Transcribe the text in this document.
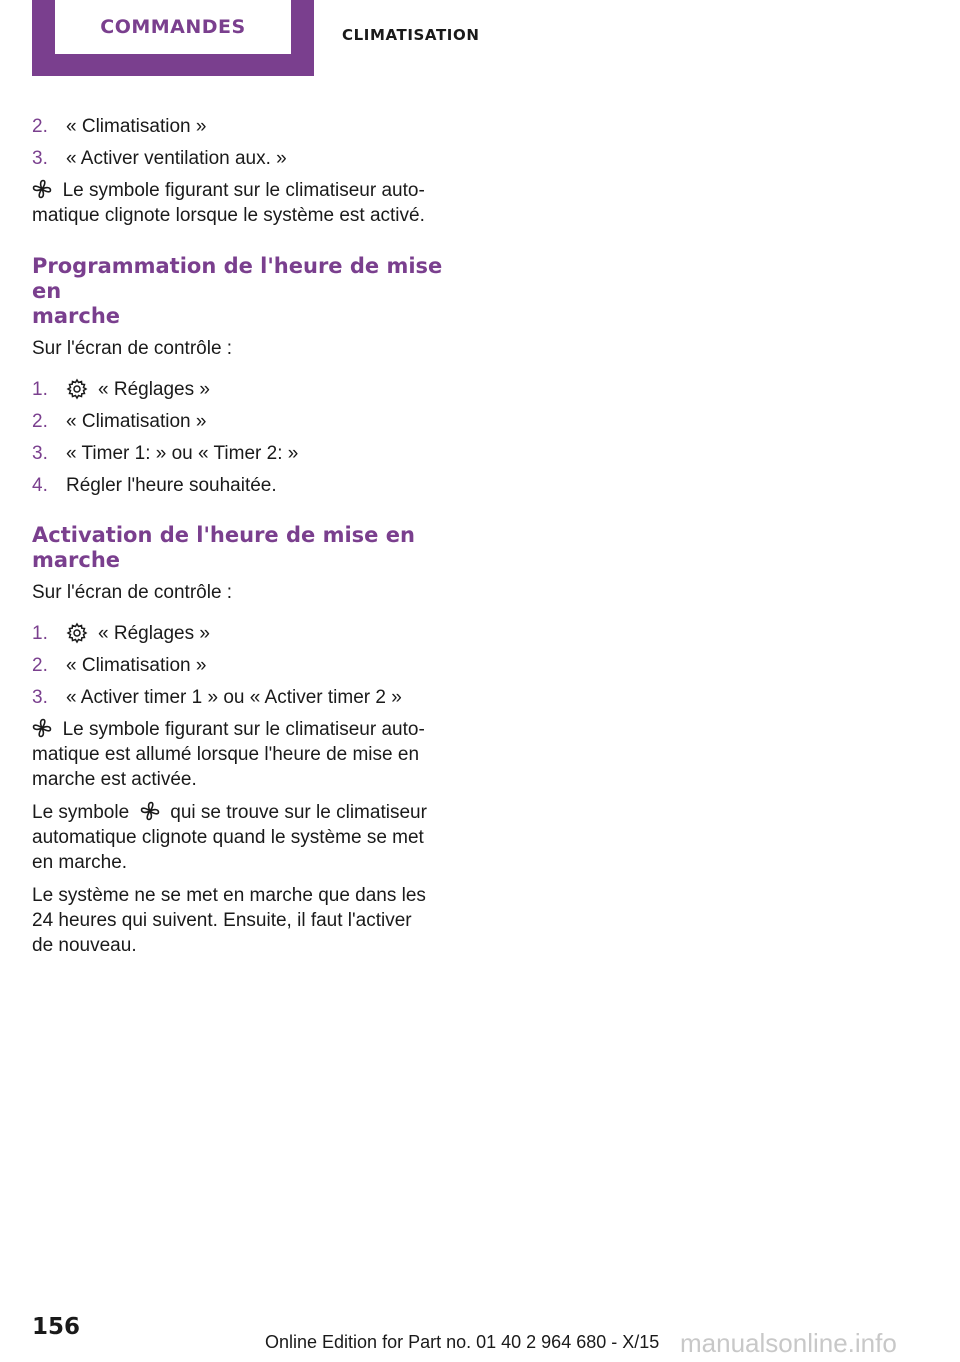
COMMANDES	CLIMATISATION
2. « Climatisation »
3. « Activer ventilation aux. »

Le symbole figurant sur le climatiseur auto‐
matique clignote lorsque le système est activé.

Programmation de l'heure de mise en
marche

Sur l'écran de contrôle :

1.	« Réglages »
2. « Climatisation »
3. « Timer 1: » ou « Timer 2: »
4. Régler l'heure souhaitée.
Activation de l'heure de mise en
marche

Sur l'écran de contrôle :

1.	« Réglages »
2. « Climatisation »
3. « Activer timer 1 » ou « Activer timer 2 »

Le symbole figurant sur le climatiseur auto‐
matique est allumé lorsque l'heure de mise en
marche est activée.

Le symbole qui se trouve sur le climatiseur
automatique clignote quand le système se met
en marche.

Le système ne se met en marche que dans les
24 heures qui suivent. Ensuite, il faut l'activer
de nouveau.

156
Online Edition for Part no. 01 40 2 964 680 - X/15 manualsonline.info
